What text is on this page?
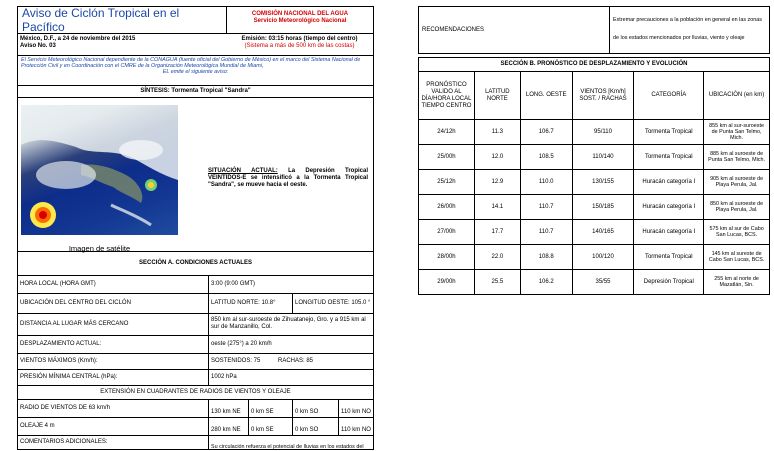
Aviso de Ciclón Tropical en el Pacífico
COMISIÓN NACIONAL DEL AGUA
Servicio Meteorológico Nacional
México, D.F., a 24 de noviembre del 2015
Aviso No. 03
Emisión: 03:15 horas (tiempo del centro)
(Sistema a más de 500 km de las costas)
El Servicio Meteorológico Nacional dependiente de la CONAGUA (fuente oficial del Gobierno de México) en el marco del Sistema Nacional de Protección Civil y en Coordinación con el CMRE de la Organización Meteorológica Mundial de Miami,
EL emite el siguiente aviso:
SÍNTESIS: Tormenta Tropical "Sandra"
Imagen de satélite
SITUACIÓN ACTUAL: La Depresión Tropical VEINTIDOS-E se intensificó a la Tormenta Tropical "Sandra", se mueve hacia el oeste.
SECCIÓN A. CONDICIONES ACTUALES
HORA LOCAL (HORA GMT)	3:00 (9:00 GMT)
UBICACIÓN DEL CENTRO DEL CICLÓN	LATITUD NORTE: 10.8°	LONGITUD OESTE: 105.0 °
DISTANCIA AL LUGAR MÁS CERCANO
850 km al sur-suroeste de Zihuatanejo, Gro. y a 915 km al sur de Manzanillo, Col.
DESPLAZAMIENTO ACTUAL:	oeste (275°) a 20 km/h
VIENTOS MÁXIMOS (Km/h):	SOSTENIDOS: 75	RACHAS: 85
PRESIÓN MÍNIMA CENTRAL (hPa):	1002 hPa
EXTENSIÓN EN CUADRANTES DE RADIOS DE VIENTOS Y OLEAJE
RADIO DE VIENTOS DE 63 km/h
130 km NE	0 km SE	0 km SO	110 km NO
OLEAJE 4 m
280 km NE	0 km SE	0 km SO	110 km NO
COMENTARIOS ADICIONALES:
Su circulación refuerza el potencial de lluvias en los estados del
RECOMENDACIONES
Extremar precauciones a la población en general en las zonas de los estados mencionados por lluvias, viento y oleaje
SECCIÓN B. PRONÓSTICO DE DESPLAZAMIENTO Y EVOLUCIÓN
PRONÓSTICO VALIDO AL DÍA/HORA LOCAL TIEMPO CENTRO	LATITUD NORTE	LONG. OESTE	VIENTOS [Km/h] SOST. / RACHAS	CATEGORÍA	UBICACIÓN (en km)
24/12h	11.3	106.7	95/110	Tormenta Tropical	855 km al sur-suroeste de Punta San Telmo, Mich.
25/00h	12.0	108.5	110/140	Tormenta Tropical	885 km al suroeste de Punta San Telmo, Mich.
25/12h	12.9	110.0	130/155	Huracán categoría I	905 km al suroeste de Playa Perula, Jal.
26/00h	14.1	110.7	150/185	Huracán categoría I	850 km al suroeste de Playa Perula, Jal.
27/00h	17.7	110.7	140/165	Huracán categoría I	575 km al sur de Cabo San Lucas, BCS.
28/00h	22.0	108.8	100/120	Tormenta Tropical	145 km al sureste de Cabo San Lucas, BCS.
29/00h	25.5	106.2	35/55	Depresión Tropical	255 km al norte de Mazatlán, Sin.
